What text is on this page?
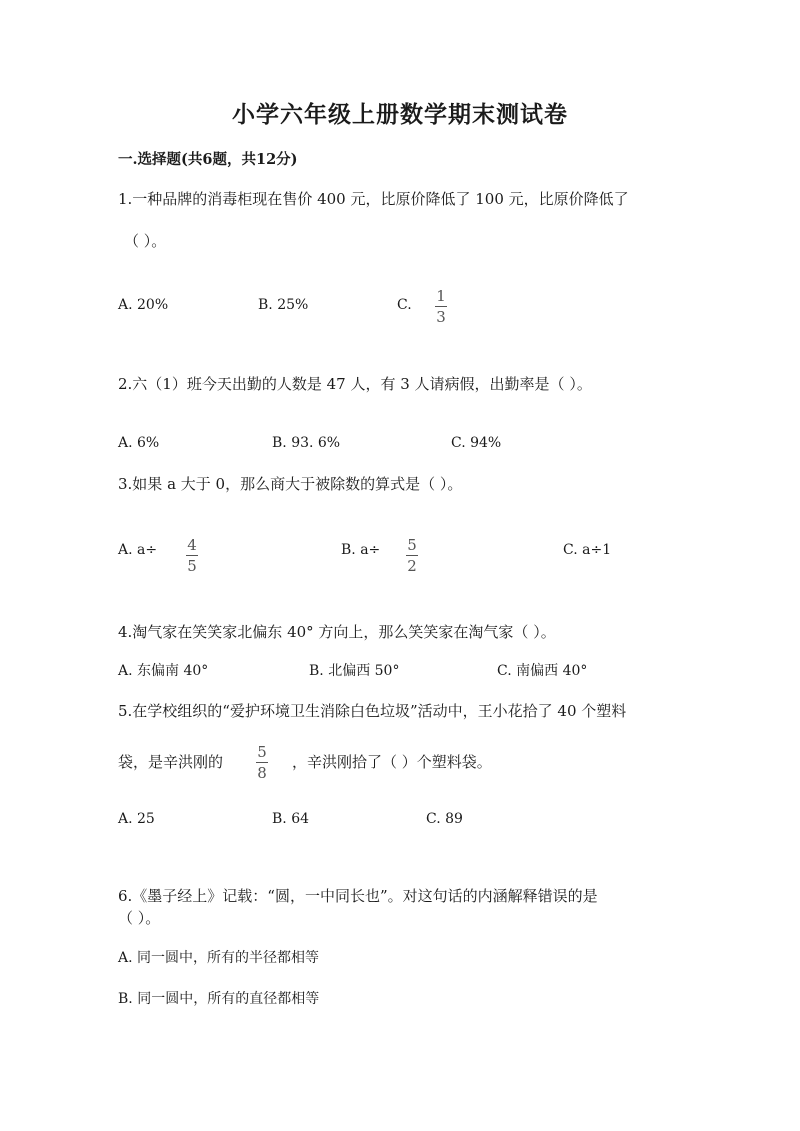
小学六年级上册数学期末测试卷
一.选择题(共6题，共12分)
1.一种品牌的消毒柜现在售价 400 元，比原价降低了 100 元，比原价降低了
（ ）。
A. 20%	B. 25%	C. 1
3
2.六（1）班今天出勤的人数是 47 人，有 3 人请病假，出勤率是（ ）。
A. 6%	B. 93. 6%	C. 94%
3.如果 a 大于 0，那么商大于被除数的算式是（ ）。
A. a÷ 4
5
B. a÷ 5
2
C. a÷1
4.淘气家在笑笑家北偏东 40° 方向上，那么笑笑家在淘气家（ ）。
A. 东偏南 40°	B. 北偏西 50°	C. 南偏西 40°
5.在学校组织的“爱护环境卫生消除白色垃圾”活动中，王小花拾了 40 个塑料
袋，是辛洪刚的
5
8
，辛洪刚拾了（ ）个塑料袋。
A. 25	B. 64	C. 89
6.《墨子经上》记载：“圆，一中同长也”。对这句话的内涵解释错误的是
（ ）。
A. 同一圆中，所有的半径都相等
B. 同一圆中，所有的直径都相等
